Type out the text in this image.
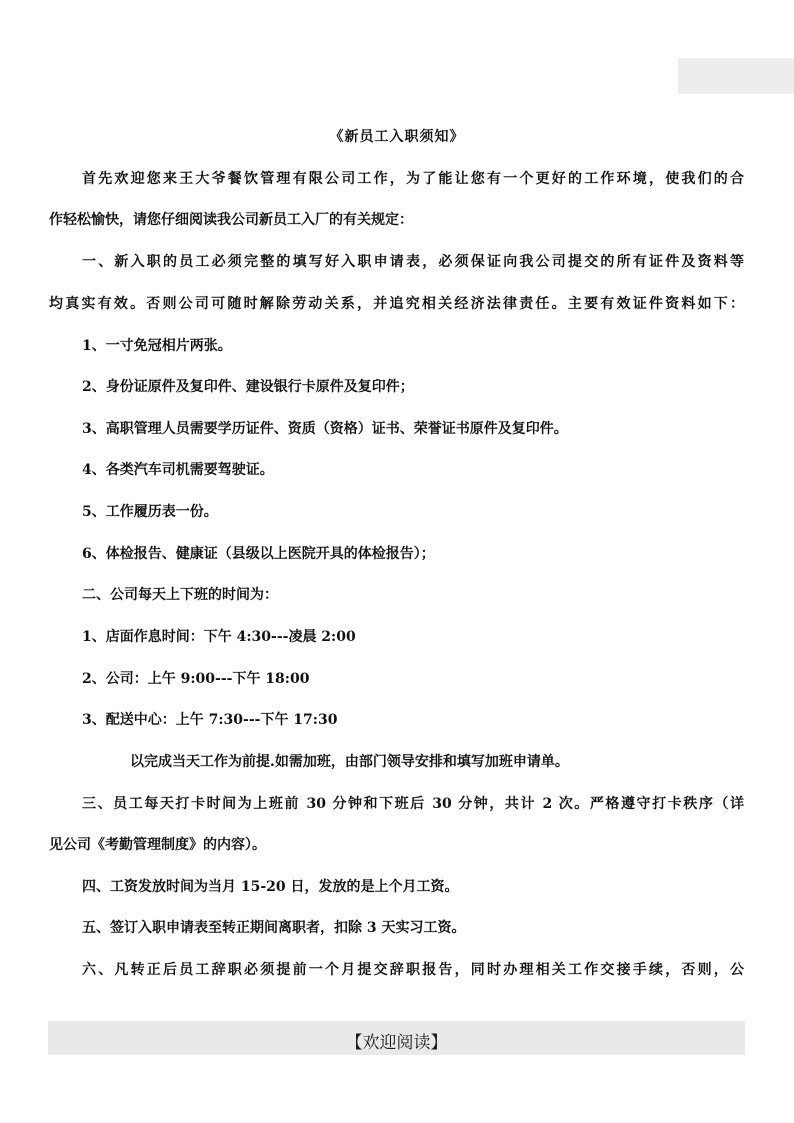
《新员工入职须知》
首先欢迎您来王大爷餐饮管理有限公司工作，为了能让您有一个更好的工作环境，使我们的合
作轻松愉快，请您仔细阅读我公司新员工入厂的有关规定：
一、新入职的员工必须完整的填写好入职申请表，必须保证向我公司提交的所有证件及资料等
均真实有效。否则公司可随时解除劳动关系，并追究相关经济法律责任。主要有效证件资料如下：
1、一寸免冠相片两张。
2、身份证原件及复印件、建设银行卡原件及复印件；
3、高职管理人员需要学历证件、资质（资格）证书、荣誉证书原件及复印件。
4、各类汽车司机需要驾驶证。
5、工作履历表一份。
6、体检报告、健康证（县级以上医院开具的体检报告）；
二、公司每天上下班的时间为：
1、店面作息时间：下午 4:30---凌晨 2:00
2、公司：上午 9:00---下午 18:00
3、配送中心：上午 7:30---下午 17:30
以完成当天工作为前提.如需加班，由部门领导安排和填写加班申请单。
三、员工每天打卡时间为上班前 30 分钟和下班后 30 分钟，共计 2 次。严格遵守打卡秩序（详
见公司《考勤管理制度》的内容）。
四、工资发放时间为当月 15-20 日，发放的是上个月工资。
五、签订入职申请表至转正期间离职者，扣除 3 天实习工资。
六、凡转正后员工辞职必须提前一个月提交辞职报告，同时办理相关工作交接手续，否则，公
【欢迎阅读】
